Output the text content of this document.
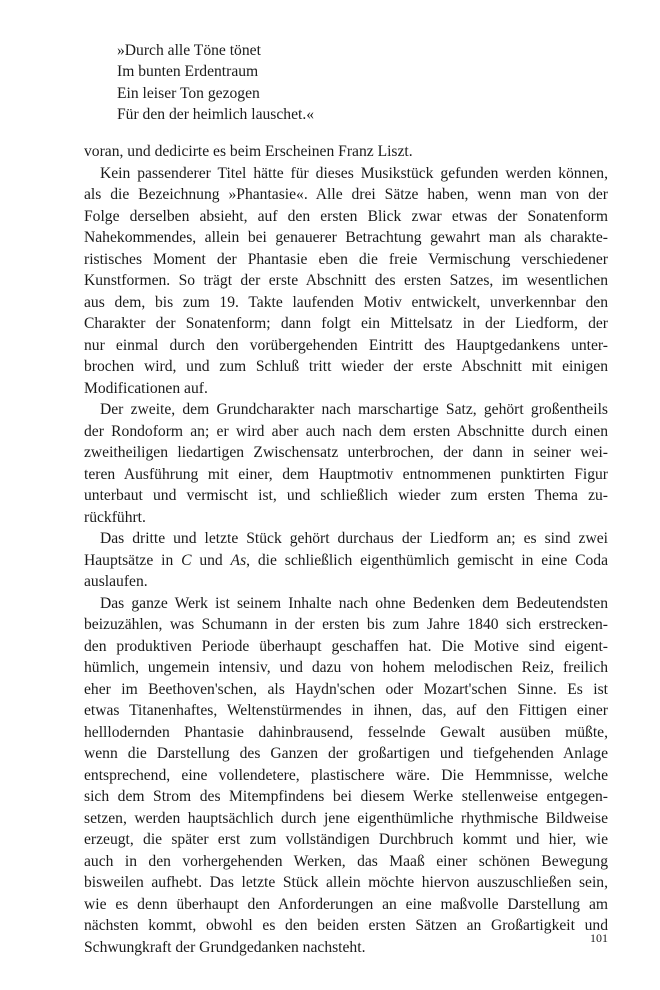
»Durch alle Töne tönet
Im bunten Erdentraum
Ein leiser Ton gezogen
Für den der heimlich lauschet.«
voran, und dedicirte es beim Erscheinen Franz Liszt.
Kein passenderer Titel hätte für dieses Musikstück gefunden werden können,
als die Bezeichnung »Phantasie«. Alle drei Sätze haben, wenn man von der
Folge derselben absieht, auf den ersten Blick zwar etwas der Sonatenform
Nahekommendes, allein bei genauerer Betrachtung gewahrt man als charakte-
ristisches Moment der Phantasie eben die freie Vermischung verschiedener
Kunstformen. So trägt der erste Abschnitt des ersten Satzes, im wesentlichen
aus dem, bis zum 19. Takte laufenden Motiv entwickelt, unverkennbar den
Charakter der Sonatenform; dann folgt ein Mittelsatz in der Liedform, der
nur einmal durch den vorübergehenden Eintritt des Hauptgedankens unter-
brochen wird, und zum Schluß tritt wieder der erste Abschnitt mit einigen
Modificationen auf.
Der zweite, dem Grundcharakter nach marschartige Satz, gehört großentheils
der Rondoform an; er wird aber auch nach dem ersten Abschnitte durch einen
zweitheiligen liedartigen Zwischensatz unterbrochen, der dann in seiner wei-
teren Ausführung mit einer, dem Hauptmotiv entnommenen punktirten Figur
unterbaut und vermischt ist, und schließlich wieder zum ersten Thema zu-
rückführt.
Das dritte und letzte Stück gehört durchaus der Liedform an; es sind zwei
Hauptsätze in C und As, die schließlich eigenthümlich gemischt in eine Coda
auslaufen.
Das ganze Werk ist seinem Inhalte nach ohne Bedenken dem Bedeutendsten
beizuzählen, was Schumann in der ersten bis zum Jahre 1840 sich erstrecken-
den produktiven Periode überhaupt geschaffen hat. Die Motive sind eigent-
hümlich, ungemein intensiv, und dazu von hohem melodischen Reiz, freilich
eher im Beethoven'schen, als Haydn'schen oder Mozart'schen Sinne. Es ist
etwas Titanenhaftes, Weltenstürmendes in ihnen, das, auf den Fittigen einer
helllodernden Phantasie dahinbrausend, fesselnde Gewalt ausüben müßte,
wenn die Darstellung des Ganzen der großartigen und tiefgehenden Anlage
entsprechend, eine vollendetere, plastischere wäre. Die Hemmnisse, welche
sich dem Strom des Mitempfindens bei diesem Werke stellenweise entgegen-
setzen, werden hauptsächlich durch jene eigenthümliche rhythmische Bildweise
erzeugt, die später erst zum vollständigen Durchbruch kommt und hier, wie
auch in den vorhergehenden Werken, das Maaß einer schönen Bewegung
bisweilen aufhebt. Das letzte Stück allein möchte hiervon auszuschließen sein,
wie es denn überhaupt den Anforderungen an eine maßvolle Darstellung am
nächsten kommt, obwohl es den beiden ersten Sätzen an Großartigkeit und
Schwungkraft der Grundgedanken nachsteht.
101
